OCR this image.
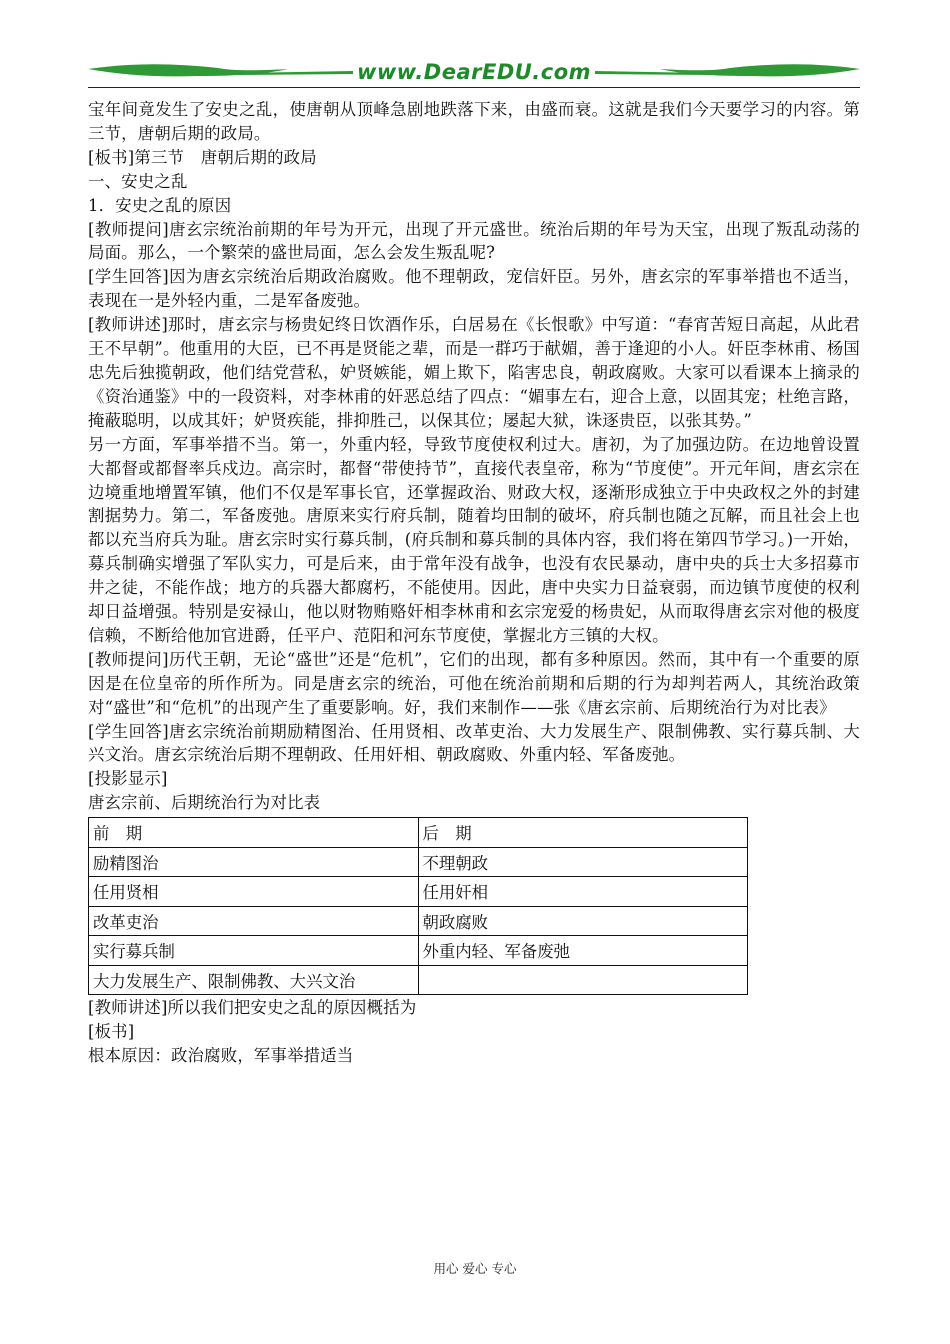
www.DearEDU.com

宝年间竟发生了安史之乱，使唐朝从顶峰急剧地跌落下来，由盛而衰。这就是我们今天要学习的内容。第三节，唐朝后期的政局。

[板书]第三节　唐朝后期的政局

一、安史之乱

1．安史之乱的原因

[教师提问]唐玄宗统治前期的年号为开元，出现了开元盛世。统治后期的年号为天宝，出现了叛乱动荡的局面。那么，一个繁荣的盛世局面，怎么会发生叛乱呢?

[学生回答]因为唐玄宗统治后期政治腐败。他不理朝政，宠信奸臣。另外，唐玄宗的军事举措也不适当，表现在一是外轻内重，二是军备废弛。

[教师讲述]那时，唐玄宗与杨贵妃终日饮酒作乐，白居易在《长恨歌》中写道：“春宵苦短日高起，从此君王不早朝”。他重用的大臣，已不再是贤能之辈，而是一群巧于献媚，善于逢迎的小人。奸臣李林甫、杨国忠先后独揽朝政，他们结党营私，妒贤嫉能，媚上欺下，陷害忠良，朝政腐败。大家可以看课本上摘录的《资治通鉴》中的一段资料，对李林甫的奸恶总结了四点：“媚事左右，迎合上意，以固其宠；杜绝言路，掩蔽聪明，以成其奸；妒贤疾能，排抑胜己，以保其位；屡起大狱，诛逐贵臣，以张其势。”

另一方面，军事举措不当。第一，外重内轻，导致节度使权利过大。唐初，为了加强边防。在边地曾设置大都督或都督率兵戍边。高宗时，都督“带使持节”，直接代表皇帝，称为“节度使”。开元年间，唐玄宗在边境重地增置军镇，他们不仅是军事长官，还掌握政治、财政大权，逐渐形成独立于中央政权之外的封建割据势力。第二，军备废弛。唐原来实行府兵制，随着均田制的破坏，府兵制也随之瓦解，而且社会上也都以充当府兵为耻。唐玄宗时实行募兵制，(府兵制和募兵制的具体内容，我们将在第四节学习。)一开始，募兵制确实增强了军队实力，可是后来，由于常年没有战争，也没有农民暴动，唐中央的兵士大多招募市井之徒，不能作战；地方的兵器大都腐朽，不能使用。因此，唐中央实力日益衰弱，而边镇节度使的权利却日益增强。特别是安禄山，他以财物贿赂奸相李林甫和玄宗宠爱的杨贵妃，从而取得唐玄宗对他的极度信赖，不断给他加官进爵，任平户、范阳和河东节度使，掌握北方三镇的大权。

[教师提问]历代王朝，无论“盛世”还是“危机”，它们的出现，都有多种原因。然而，其中有一个重要的原因是在位皇帝的所作所为。同是唐玄宗的统治，可他在统治前期和后期的行为却判若两人，其统治政策对“盛世”和“危机”的出现产生了重要影响。好，我们来制作——张《唐玄宗前、后期统治行为对比表》

[学生回答]唐玄宗统治前期励精图治、任用贤相、改革吏治、大力发展生产、限制佛教、实行募兵制、大兴文治。唐玄宗统治后期不理朝政、任用奸相、朝政腐败、外重内轻、军备废弛。

[投影显示]

唐玄宗前、后期统治行为对比表

前　期	后　期
励精图治	不理朝政
任用贤相	任用奸相
改革吏治	朝政腐败
实行募兵制	外重内轻、军备废弛
大力发展生产、限制佛教、大兴文治	

[教师讲述]所以我们把安史之乱的原因概括为

[板书]

根本原因：政治腐败，军事举措适当

用心 爱心 专心
